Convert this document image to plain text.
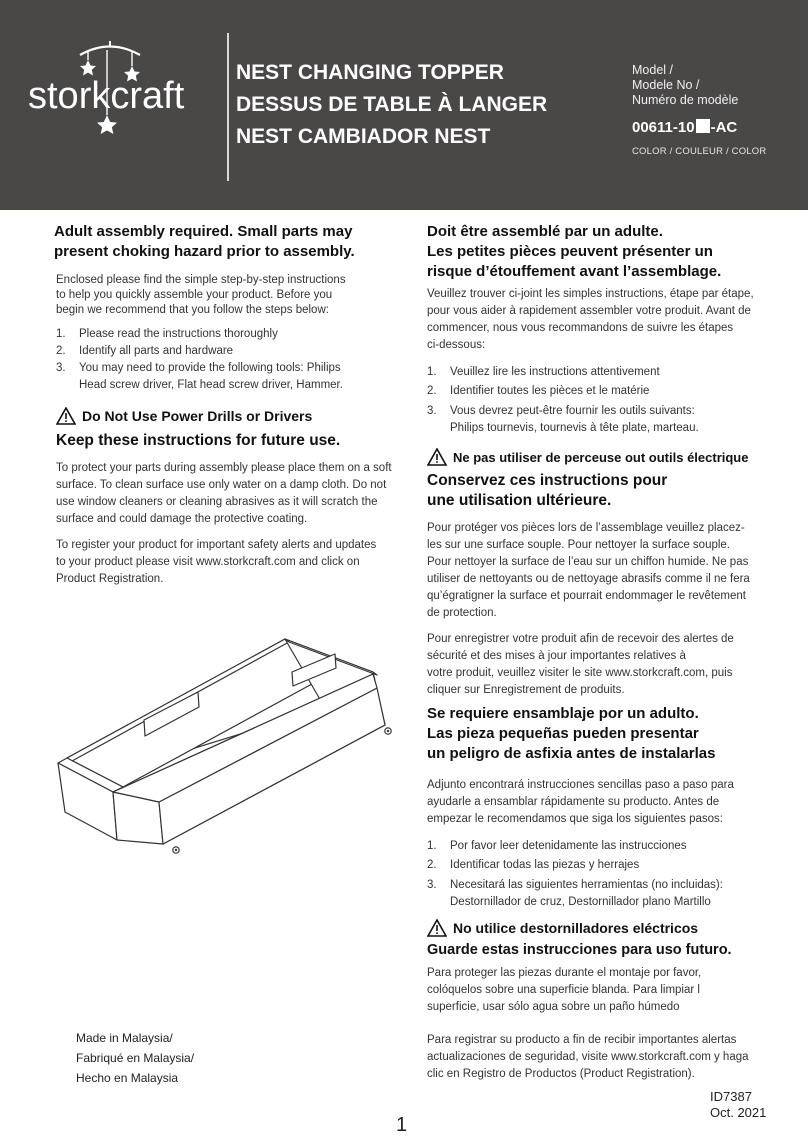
storkcraft
NEST CHANGING TOPPER
DESSUS DE TABLE À LANGER
NEST CAMBIADOR NEST
Model /
Modele No /
Numéro de modèle
00611-10 -AC
COLOR / COULEUR / COLOR
Adult assembly required. Small parts may
present choking hazard prior to assembly.

Enclosed please find the simple step-by-step instructions
to help you quickly assemble your product. Before you
begin we recommend that you follow the steps below:

1. Please read the instructions thoroughly
2. Identify all parts and hardware
3. You may need to provide the following tools: Philips
Head screw driver, Flat head screw driver, Hammer.
Do Not Use Power Drills or Drivers
Keep these instructions for future use.

To protect your parts during assembly please place them on a soft
surface. To clean surface use only water on a damp cloth. Do not
use window cleaners or cleaning abrasives as it will scratch the
surface and could damage the protective coating.

To register your product for important safety alerts and updates
to your product please visit www.storkcraft.com and click on
Product Registration.

Doit être assemblé par un adulte.
Les petites pièces peuvent présenter un
risque d’étouffement avant l’assemblage.

Veuillez trouver ci-joint les simples instructions, étape par étape,
pour vous aider à rapidement assembler votre produit. Avant de
commencer, nous vous recommandons de suivre les étapes
ci-dessous:

1. Veuillez lire les instructions attentivement
2. Identifier toutes les pièces et le matérie
3. Vous devrez peut-être fournir les outils suivants:
Philips tournevis, tournevis à tête plate, marteau.
Ne pas utiliser de perceuse out outils électrique
Conservez ces instructions pour
une utilisation ultérieure.

Pour protéger vos pièces lors de l’assemblage veuillez placez-
les sur une surface souple. Pour nettoyer la surface souple.
Pour nettoyer la surface de l’eau sur un chiffon humide. Ne pas
utiliser de nettoyants ou de nettoyage abrasifs comme il ne fera
qu’égratigner la surface et pourrait endommager le revêtement
de protection.

Pour enregistrer votre produit afin de recevoir des alertes de
sécurité et des mises à jour importantes relatives à
votre produit, veuillez visiter le site www.storkcraft.com, puis
cliquer sur Enregistrement de produits.

Se requiere ensamblaje por un adulto.
Las pieza pequeñas pueden presentar
un peligro de asfixia antes de instalarlas

Adjunto encontrará instrucciones sencillas paso a paso para
ayudarle a ensamblar rápidamente su producto. Antes de
empezar le recomendamos que siga los siguientes pasos:

1. Por favor leer detenidamente las instrucciones
2. Identificar todas las piezas y herrajes
3. Necesitará las siguientes herramientas (no incluidas):
Destornillador de cruz, Destornillador plano Martillo
No utilice destornilladores eléctricos
Guarde estas instrucciones para uso futuro.

Para proteger las piezas durante el montaje por favor,
colóquelos sobre una superficie blanda. Para limpiar l
superficie, usar sólo agua sobre un paño húmedo

Para registrar su producto a fin de recibir importantes alertas
actualizaciones de seguridad, visite www.storkcraft.com y haga
clic en Registro de Productos (Product Registration).

Made in Malaysia/
Fabriqué en Malaysia/
Hecho en Malaysia
ID7387
Oct. 2021
1
